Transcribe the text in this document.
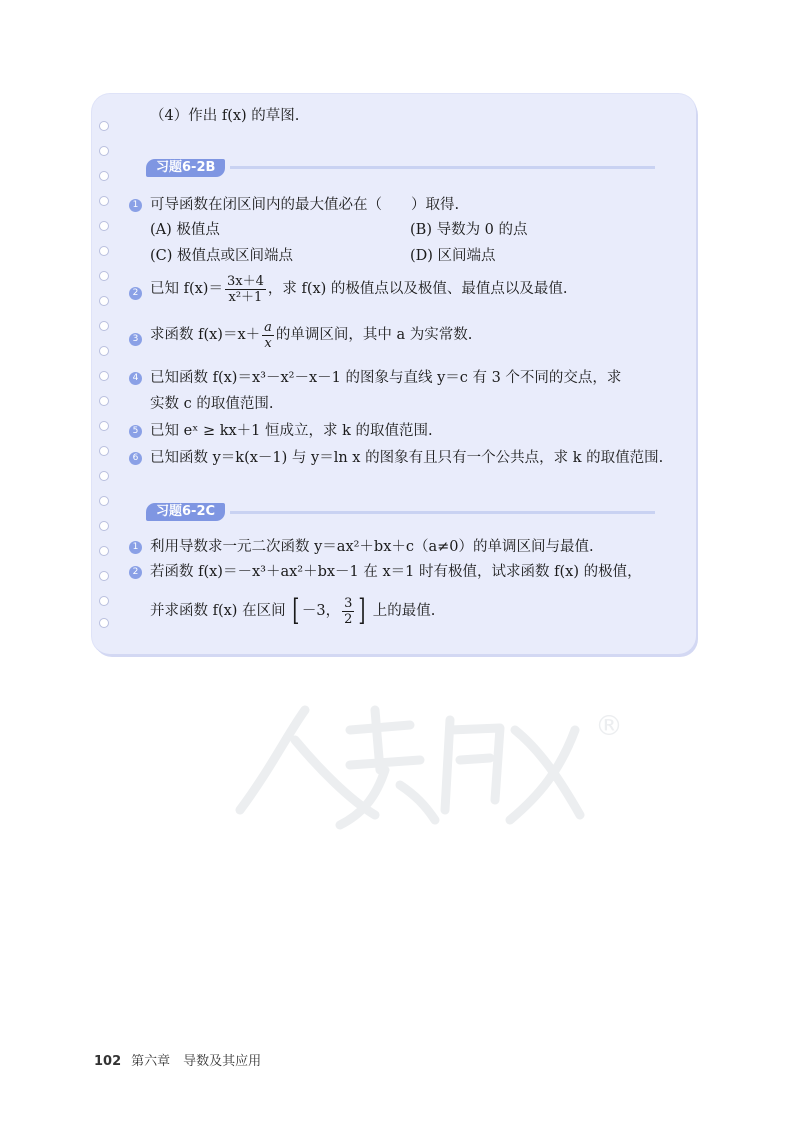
（4）作出 f(x) 的草图.
习题6-2B
1 可导函数在闭区间内的最大值必在（　　）取得.
(A) 极值点	(B) 导数为 0 的点
(C) 极值点或区间端点	(D) 区间端点
2 已知 $f(x)= \frac{3x+4}{\text{x²＋1}}$ ，求 f(x) 的极值点以及极值、最值点以及最值.
3 求函数 $f(x)=x+ \frac{a}{x}$ 的单调区间，其中 a 为实常数.
4 已知函数 f(x)＝x³－x²－x－1 的图象与直线 y＝c 有 3 个不同的交点，求
实数 c 的取值范围.
5 已知 eˣ ≥ kx＋1 恒成立，求 k 的取值范围.
6 已知函数 y＝k(x－1) 与 y＝ln x 的图象有且只有一个公共点，求 k 的取值范围.
习题6-2C
1 利用导数求一元二次函数 y＝ax²＋bx＋c（a≠0）的单调区间与最值.
2 若函数 f(x)＝－x³＋ax²＋bx－1 在 x＝1 时有极值，试求函数 f(x) 的极值，
并求函数 f(x) 在区间 [ －3， $\frac{3}{2}$ ] 上的最值.
®
102 第六章　导数及其应用
